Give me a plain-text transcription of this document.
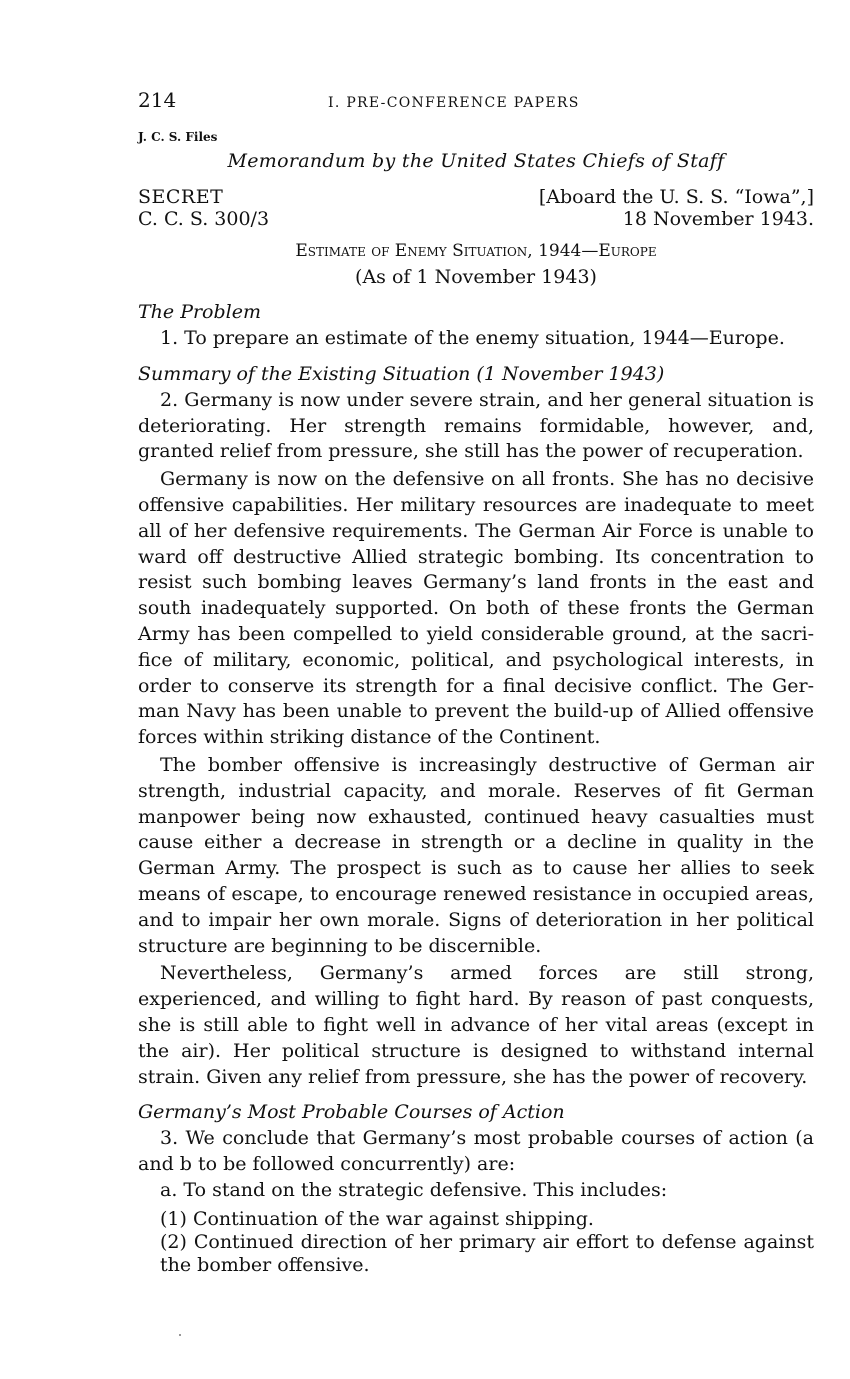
214	I. PRE-CONFERENCE PAPERS
J. C. S. Files
Memorandum by the United States Chiefs of Staff
SECRET	[Aboard the U. S. S. “Iowa”,]
C. C. S. 300/3	18 November 1943.
Estimate of Enemy Situation, 1944—Europe
(As of 1 November 1943)
The Problem

1. To prepare an estimate of the enemy situation, 1944—Europe.

Summary of the Existing Situation (1 November 1943)

2. Germany is now under severe strain, and her general situation is deteriorating. Her strength remains formidable, however, and, granted relief from pressure, she still has the power of recuperation.

Germany is now on the defensive on all fronts. She has no decisive offensive capabilities. Her military resources are inadequate to meet all of her defensive requirements. The German Air Force is unable to ward off destructive Allied strategic bombing. Its concentration to resist such bombing leaves Germany’s land fronts in the east and south inadequately supported. On both of these fronts the German Army has been compelled to yield considerable ground, at the sacrifice of military, economic, political, and psychological interests, in order to conserve its strength for a final decisive conflict. The German Navy has been unable to prevent the build-up of Allied offensive forces within striking distance of the Continent.

The bomber offensive is increasingly destructive of German air strength, industrial capacity, and morale. Reserves of fit German manpower being now exhausted, continued heavy casualties must cause either a decrease in strength or a decline in quality in the German Army. The prospect is such as to cause her allies to seek means of escape, to encourage renewed resistance in occupied areas, and to impair her own morale. Signs of deterioration in her political structure are beginning to be discernible.

Nevertheless, Germany’s armed forces are still strong, experienced, and willing to fight hard. By reason of past conquests, she is still able to fight well in advance of her vital areas (except in the air). Her political structure is designed to withstand internal strain. Given any relief from pressure, she has the power of recovery.

Germany’s Most Probable Courses of Action

3. We conclude that Germany’s most probable courses of action (a and b to be followed concurrently) are:

a. To stand on the strategic defensive. This includes:

(1) Continuation of the war against shipping.
(2) Continued direction of her primary air effort to defense against the bomber offensive.
